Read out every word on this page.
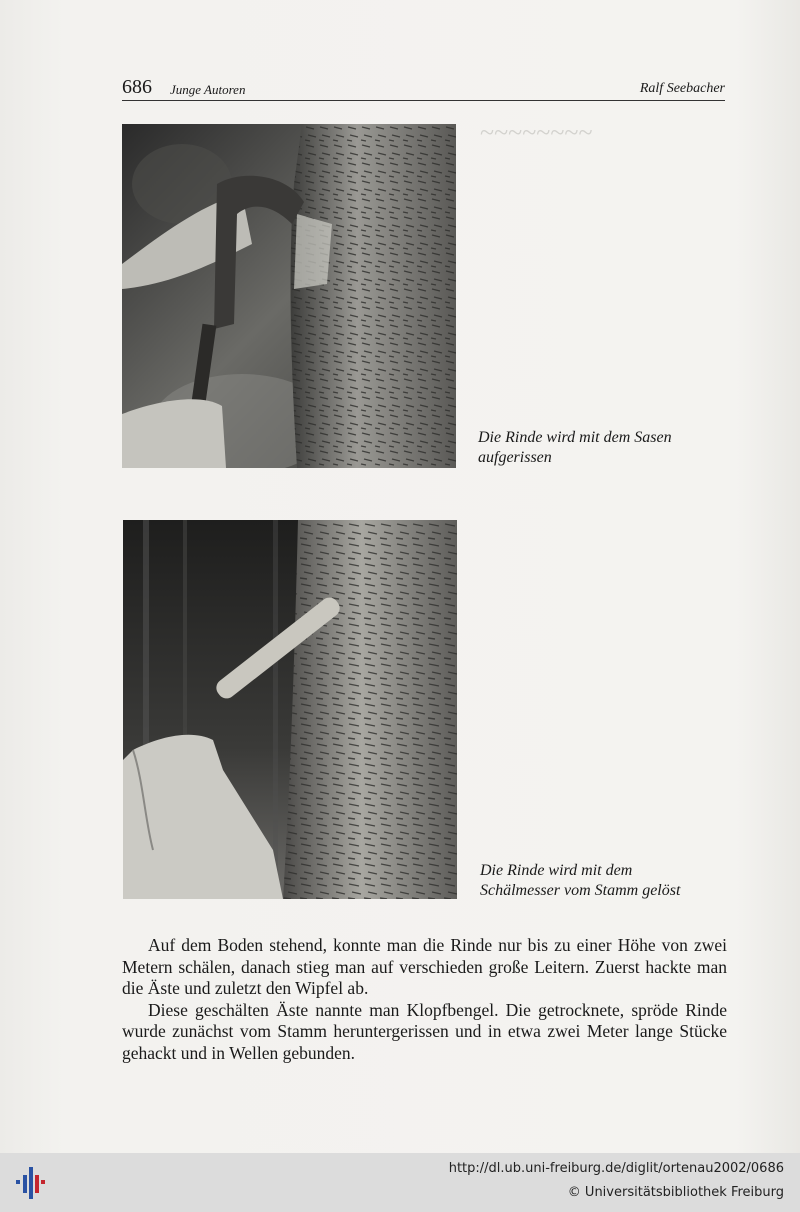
~~~~~~~~
686 Junge Autoren	Ralf Seebacher
Die Rinde wird mit dem Sasen
aufgerissen
Die Rinde wird mit dem
Schälmesser vom Stamm gelöst

Auf dem Boden stehend, konnte man die Rinde nur bis zu einer Höhe von zwei Metern schälen, danach stieg man auf verschieden große Leitern. Zuerst hackte man die Äste und zuletzt den Wipfel ab.

Diese geschälten Äste nannte man Klopfbengel. Die getrocknete, spröde Rinde wurde zunächst vom Stamm heruntergerissen und in etwa zwei Meter lange Stücke gehackt und in Wellen gebunden.

http://dl.ub.uni-freiburg.de/diglit/ortenau2002/0686
© Universitätsbibliothek Freiburg
